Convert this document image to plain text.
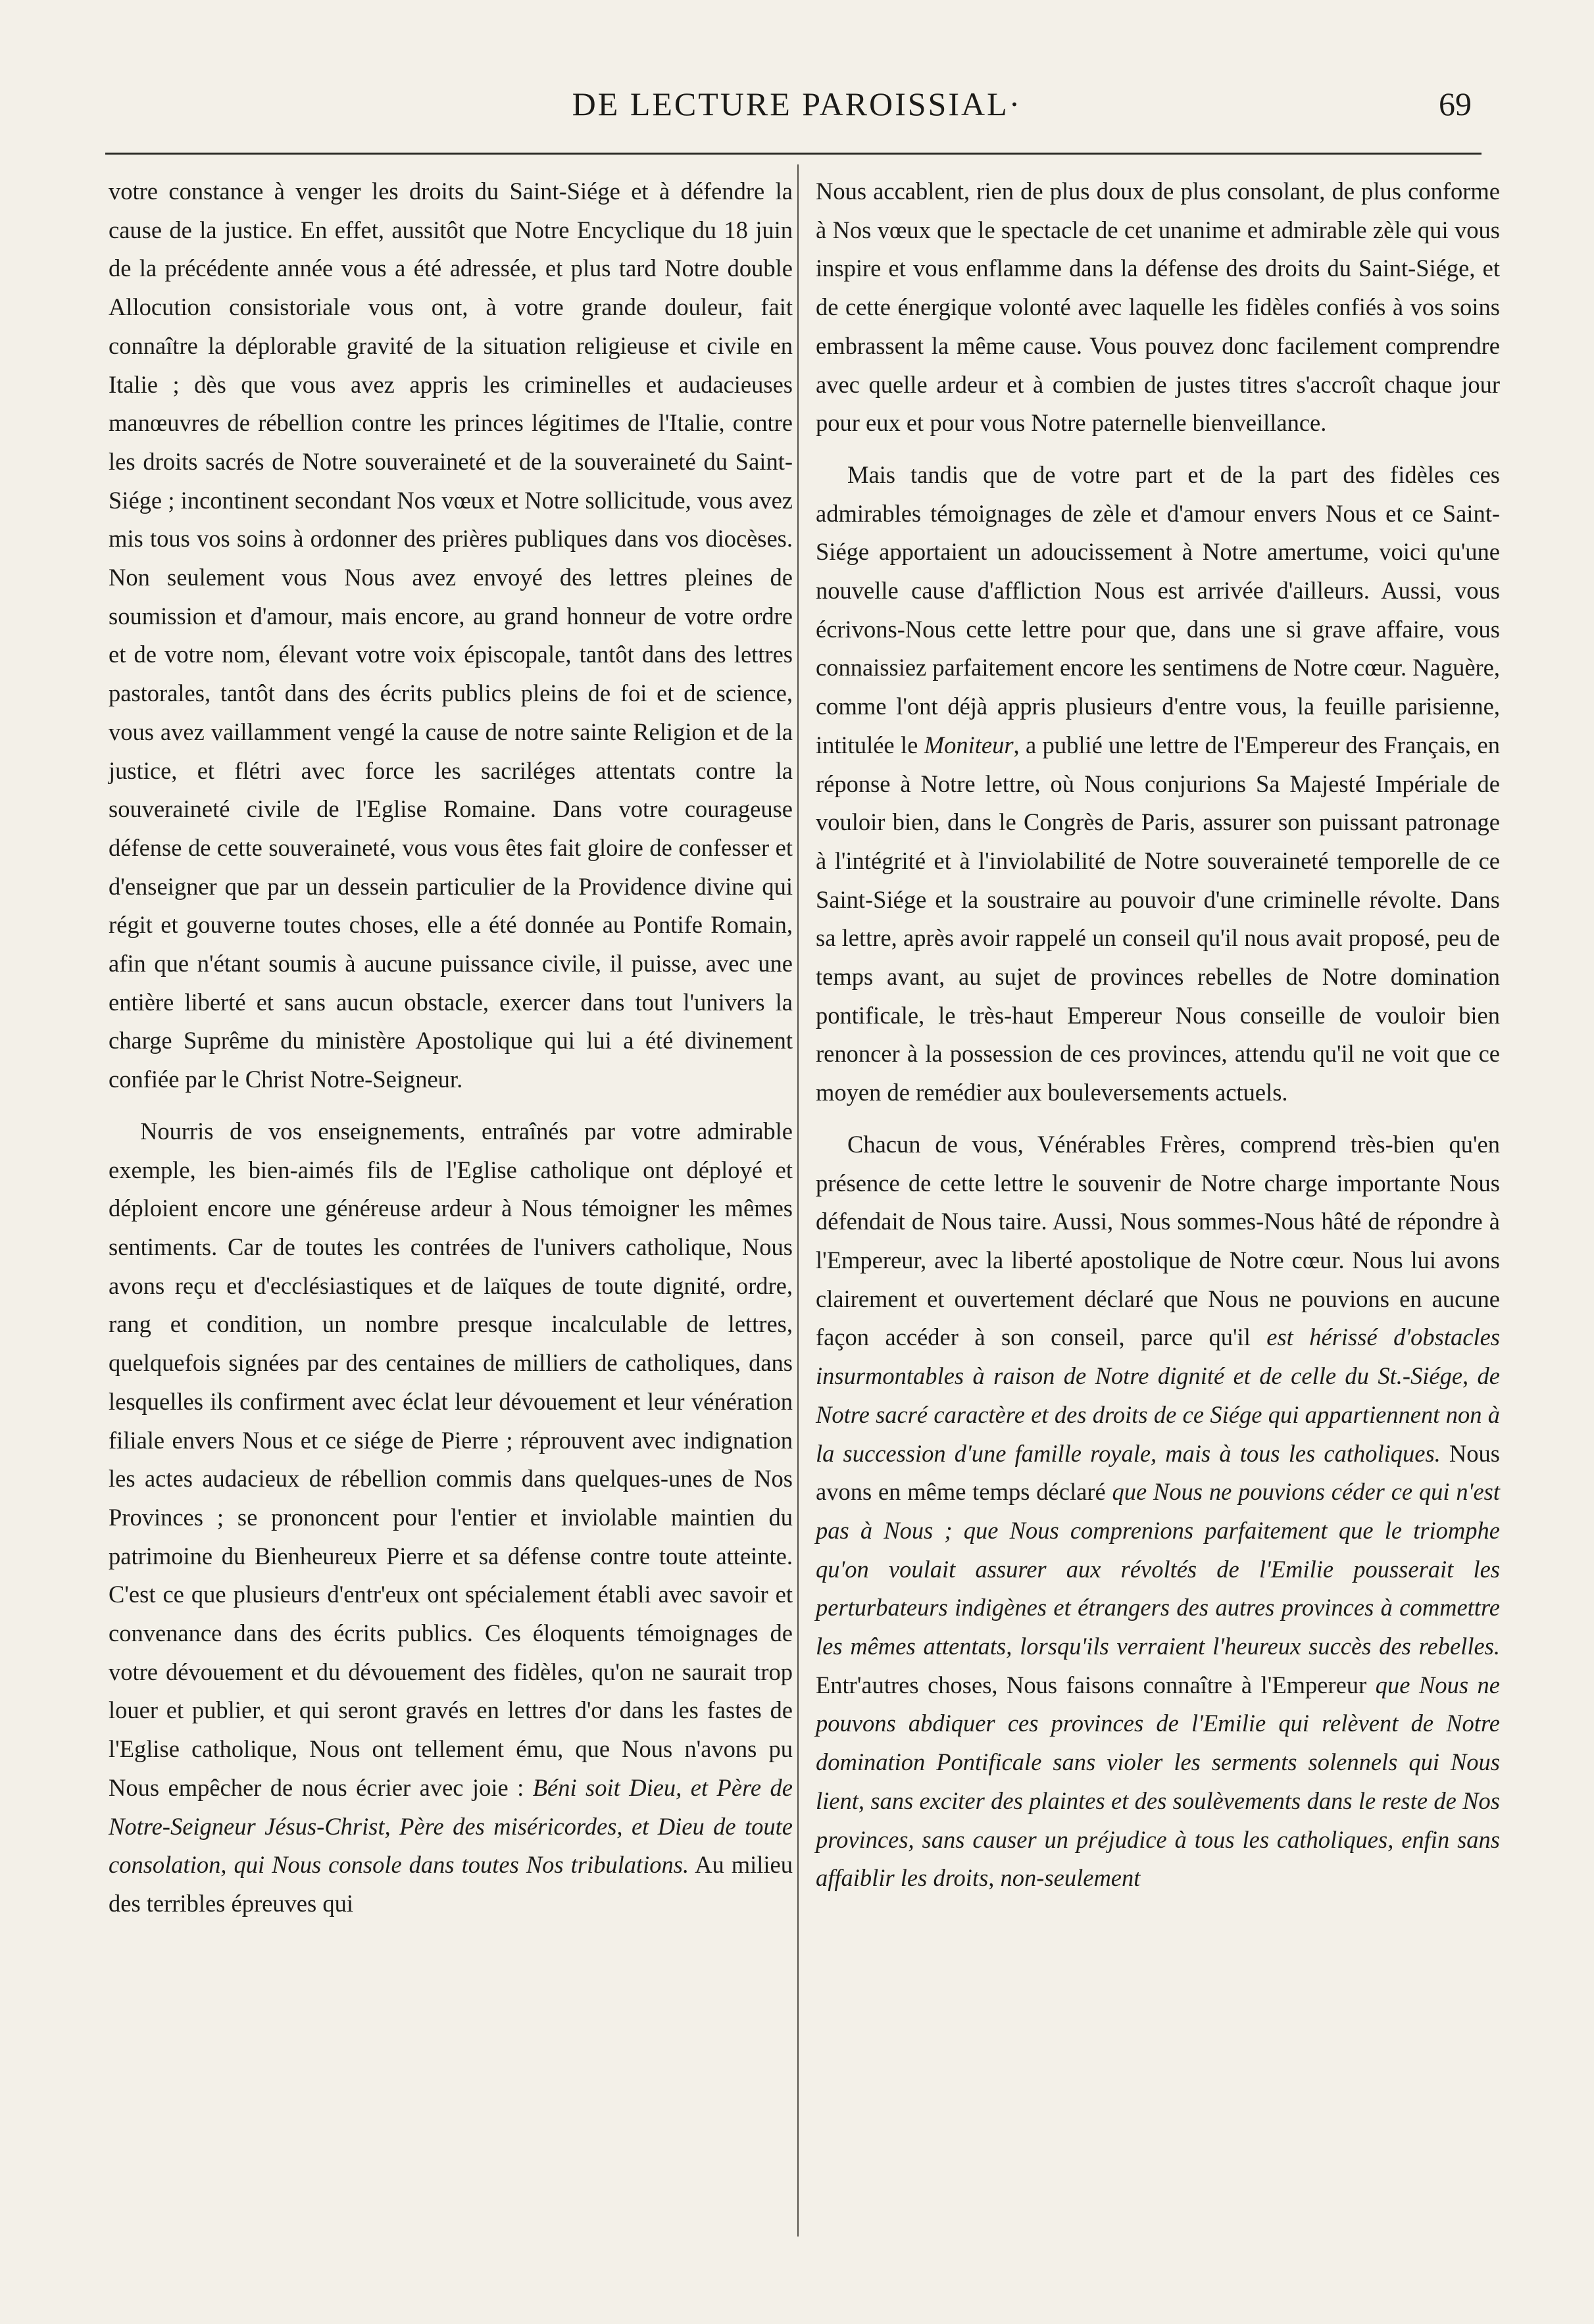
DE LECTURE PAROISSIAL·	69

votre constance à venger les droits du Saint-Siége et à défendre la cause de la justice. En effet, aussitôt que Notre Encyclique du 18 juin de la précédente année vous a été adressée, et plus tard Notre double Allocution consistoriale vous ont, à votre grande douleur, fait connaître la déplorable gravité de la situation religieuse et civile en Italie ; dès que vous avez appris les criminelles et audacieuses manœuvres de rébellion contre les princes légitimes de l'Italie, contre les droits sacrés de Notre souveraineté et de la souveraineté du Saint-Siége ; incontinent secondant Nos vœux et Notre sollicitude, vous avez mis tous vos soins à ordonner des prières publiques dans vos diocèses. Non seulement vous Nous avez envoyé des lettres pleines de soumission et d'amour, mais encore, au grand honneur de votre ordre et de votre nom, élevant votre voix épiscopale, tantôt dans des lettres pastorales, tantôt dans des écrits publics pleins de foi et de science, vous avez vaillamment vengé la cause de notre sainte Religion et de la justice, et flétri avec force les sacriléges attentats contre la souveraineté civile de l'Eglise Romaine. Dans votre courageuse défense de cette souveraineté, vous vous êtes fait gloire de confesser et d'enseigner que par un dessein particulier de la Providence divine qui régit et gouverne toutes choses, elle a été donnée au Pontife Romain, afin que n'étant soumis à aucune puissance civile, il puisse, avec une entière liberté et sans aucun obstacle, exercer dans tout l'univers la charge Suprême du ministère Apostolique qui lui a été divinement confiée par le Christ Notre-Seigneur.

Nourris de vos enseignements, entraînés par votre admirable exemple, les bien-aimés fils de l'Eglise catholique ont déployé et déploient encore une généreuse ardeur à Nous témoigner les mêmes sentiments. Car de toutes les contrées de l'univers catholique, Nous avons reçu et d'ecclésiastiques et de laïques de toute dignité, ordre, rang et condition, un nombre presque incalculable de lettres, quelquefois signées par des centaines de milliers de catholiques, dans lesquelles ils confirment avec éclat leur dévouement et leur vénération filiale envers Nous et ce siége de Pierre ; réprouvent avec indignation les actes audacieux de rébellion commis dans quelques-unes de Nos Provinces ; se prononcent pour l'entier et inviolable maintien du patrimoine du Bienheureux Pierre et sa défense contre toute atteinte. C'est ce que plusieurs d'entr'eux ont spécialement établi avec savoir et convenance dans des écrits publics. Ces éloquents témoignages de votre dévouement et du dévouement des fidèles, qu'on ne saurait trop louer et publier, et qui seront gravés en lettres d'or dans les fastes de l'Eglise catholique, Nous ont tellement ému, que Nous n'avons pu Nous empêcher de nous écrier avec joie : Béni soit Dieu, et Père de Notre-Seigneur Jésus-Christ, Père des miséricordes, et Dieu de toute consolation, qui Nous console dans toutes Nos tribulations. Au milieu des terribles épreuves qui

Nous accablent, rien de plus doux de plus consolant, de plus conforme à Nos vœux que le spectacle de cet unanime et admirable zèle qui vous inspire et vous enflamme dans la défense des droits du Saint-Siége, et de cette énergique volonté avec laquelle les fidèles confiés à vos soins embrassent la même cause. Vous pouvez donc facilement comprendre avec quelle ardeur et à combien de justes titres s'accroît chaque jour pour eux et pour vous Notre paternelle bienveillance.

Mais tandis que de votre part et de la part des fidèles ces admirables témoignages de zèle et d'amour envers Nous et ce Saint-Siége apportaient un adoucissement à Notre amertume, voici qu'une nouvelle cause d'affliction Nous est arrivée d'ailleurs. Aussi, vous écrivons-Nous cette lettre pour que, dans une si grave affaire, vous connaissiez parfaitement encore les sentimens de Notre cœur. Naguère, comme l'ont déjà appris plusieurs d'entre vous, la feuille parisienne, intitulée le Moniteur, a publié une lettre de l'Empereur des Français, en réponse à Notre lettre, où Nous conjurions Sa Majesté Impériale de vouloir bien, dans le Congrès de Paris, assurer son puissant patronage à l'intégrité et à l'inviolabilité de Notre souveraineté temporelle de ce Saint-Siége et la soustraire au pouvoir d'une criminelle révolte. Dans sa lettre, après avoir rappelé un conseil qu'il nous avait proposé, peu de temps avant, au sujet de provinces rebelles de Notre domination pontificale, le très-haut Empereur Nous conseille de vouloir bien renoncer à la possession de ces provinces, attendu qu'il ne voit que ce moyen de remédier aux bouleversements actuels.

Chacun de vous, Vénérables Frères, comprend très-bien qu'en présence de cette lettre le souvenir de Notre charge importante Nous défendait de Nous taire. Aussi, Nous sommes-Nous hâté de répondre à l'Empereur, avec la liberté apostolique de Notre cœur. Nous lui avons clairement et ouvertement déclaré que Nous ne pouvions en aucune façon accéder à son conseil, parce qu'il est hérissé d'obstacles insurmontables à raison de Notre dignité et de celle du St.-Siége, de Notre sacré caractère et des droits de ce Siége qui appartiennent non à la succession d'une famille royale, mais à tous les catholiques. Nous avons en même temps déclaré que Nous ne pouvions céder ce qui n'est pas à Nous ; que Nous comprenions parfaitement que le triomphe qu'on voulait assurer aux révoltés de l'Emilie pousserait les perturbateurs indigènes et étrangers des autres provinces à commettre les mêmes attentats, lorsqu'ils verraient l'heureux succès des rebelles. Entr'autres choses, Nous faisons connaître à l'Empereur que Nous ne pouvons abdiquer ces provinces de l'Emilie qui relèvent de Notre domination Pontificale sans violer les serments solennels qui Nous lient, sans exciter des plaintes et des soulèvements dans le reste de Nos provinces, sans causer un préjudice à tous les catholiques, enfin sans affaiblir les droits, non-seulement
